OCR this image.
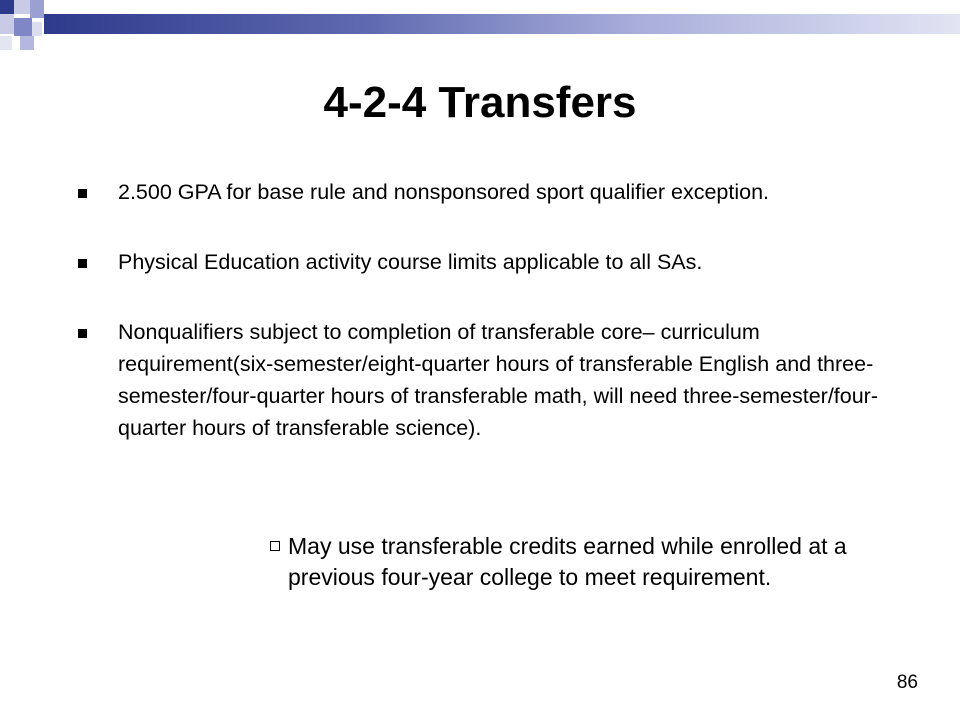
4-2-4 Transfers
2.500 GPA for base rule and nonsponsored sport qualifier exception.
Physical Education activity course limits applicable to all SAs.
Nonqualifiers subject to completion of transferable core– curriculum requirement(six-semester/eight-quarter hours of transferable English and three-semester/four-quarter hours of transferable math, will need three-semester/four-quarter hours of transferable science).
May use transferable credits earned while enrolled at a previous four-year college to meet requirement.
86
